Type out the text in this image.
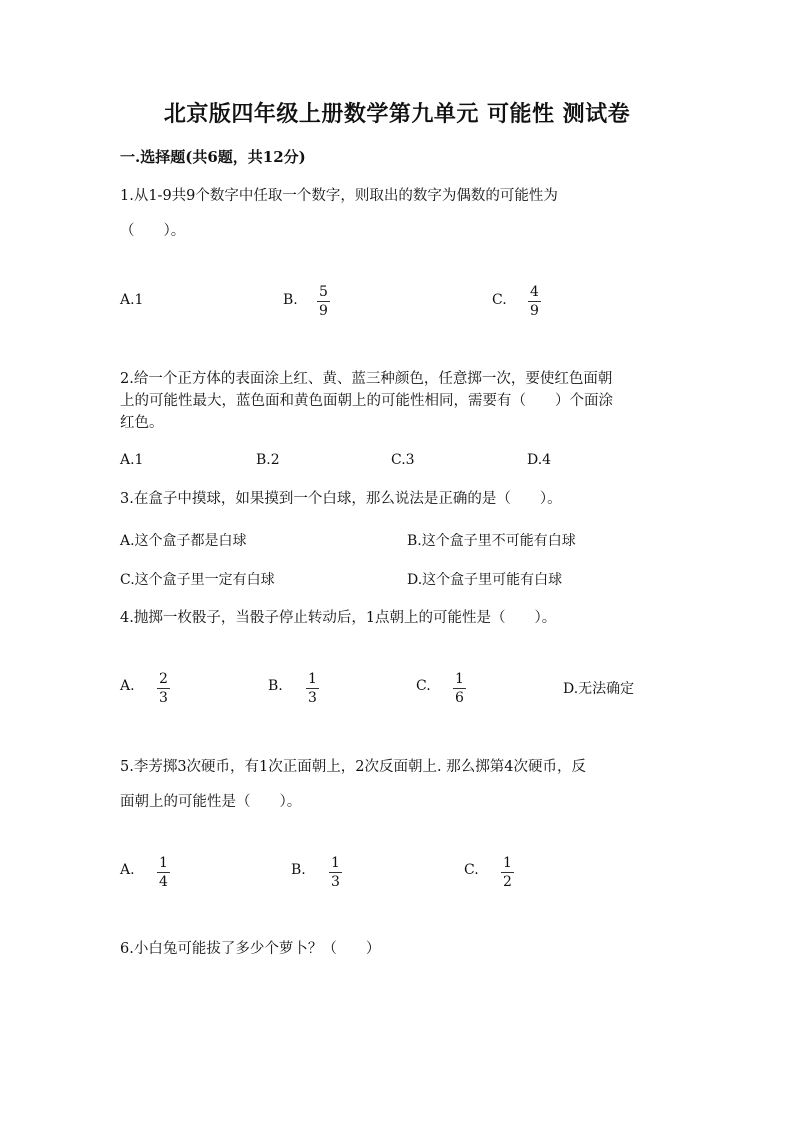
北京版四年级上册数学第九单元 可能性 测试卷
一.选择题(共6题，共12分)
1.从1-9共9个数字中任取一个数字，则取出的数字为偶数的可能性为
（　　）。
A.1	B. 5
9
C. 4
9
2.给一个正方体的表面涂上红、黄、蓝三种颜色，任意掷一次，要使红色面朝
上的可能性最大，蓝色面和黄色面朝上的可能性相同，需要有（　　）个面涂
红色。
A.1	B.2	C.3	D.4
3.在盒子中摸球，如果摸到一个白球，那么说法是正确的是（　　）。
A.这个盒子都是白球	B.这个盒子里不可能有白球
C.这个盒子里一定有白球	D.这个盒子里可能有白球
4.抛掷一枚骰子，当骰子停止转动后，1点朝上的可能性是（　　）。
A. 2
3
B. 1
3
C. 1
6
D.无法确定
5.李芳掷3次硬币，有1次正面朝上，2次反面朝上. 那么掷第4次硬币，反
面朝上的可能性是（　　）。
A. 1
4
B. 1
3
C. 1
2
6.小白兔可能拔了多少个萝卜？（　　）
